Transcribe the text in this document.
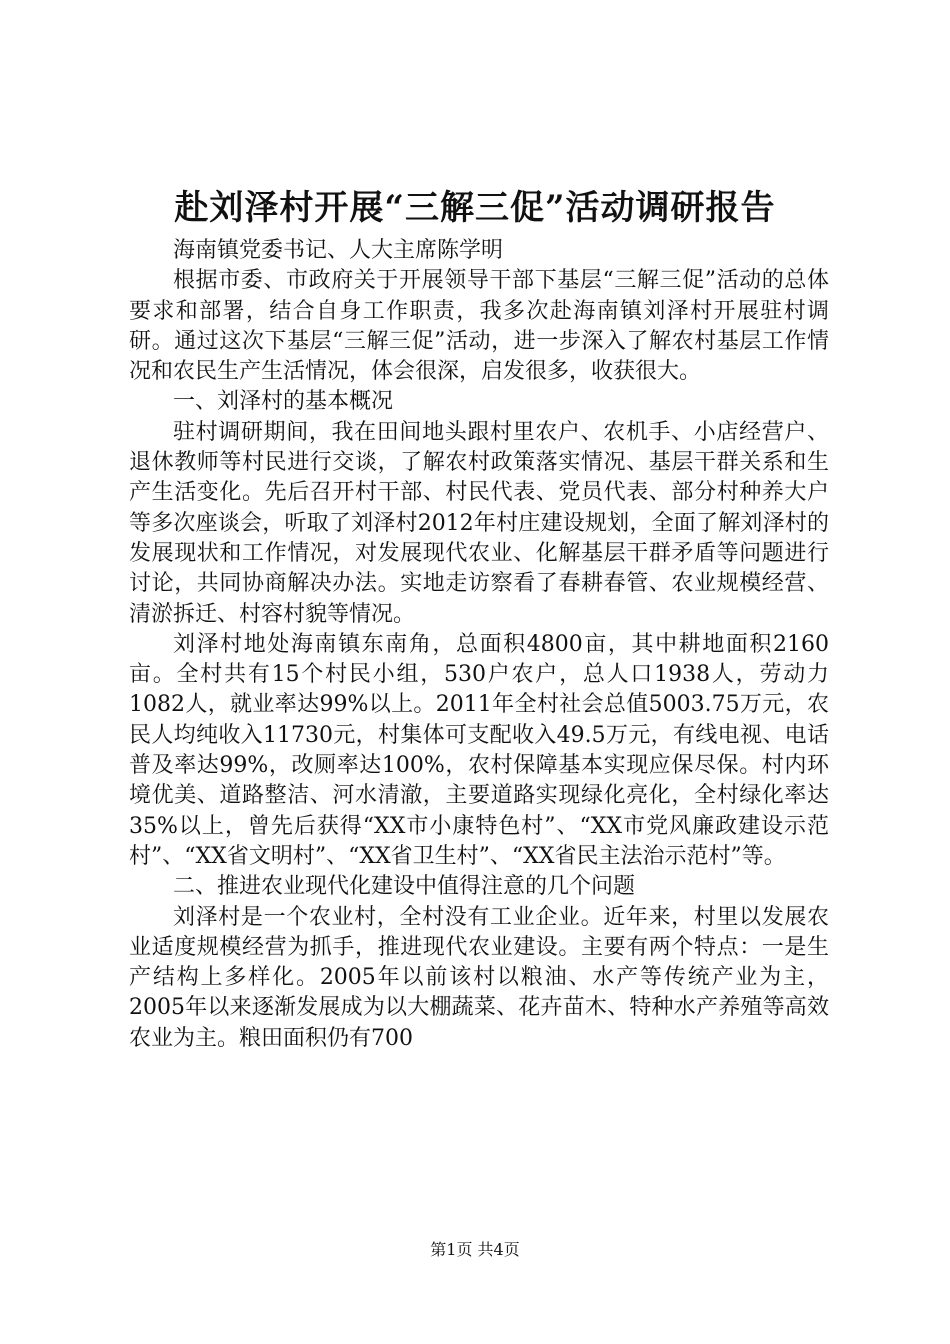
赴刘泽村开展“三解三促”活动调研报告

海南镇党委书记、人大主席陈学明

根据市委、市政府关于开展领导干部下基层“三解三促”活动的总体要求和部署，结合自身工作职责，我多次赴海南镇刘泽村开展驻村调研。通过这次下基层“三解三促”活动，进一步深入了解农村基层工作情况和农民生产生活情况，体会很深，启发很多，收获很大。

一、刘泽村的基本概况

驻村调研期间，我在田间地头跟村里农户、农机手、小店经营户、退休教师等村民进行交谈，了解农村政策落实情况、基层干群关系和生产生活变化。先后召开村干部、村民代表、党员代表、部分村种养大户等多次座谈会，听取了刘泽村2012年村庄建设规划，全面了解刘泽村的发展现状和工作情况，对发展现代农业、化解基层干群矛盾等问题进行讨论，共同协商解决办法。实地走访察看了春耕春管、农业规模经营、清淤拆迁、村容村貌等情况。

刘泽村地处海南镇东南角，总面积4800亩，其中耕地面积2160亩。全村共有15个村民小组，530户农户，总人口1938人，劳动力1082人，就业率达99%以上。2011年全村社会总值5003.75万元，农民人均纯收入11730元，村集体可支配收入49.5万元，有线电视、电话普及率达99%，改厕率达100%，农村保障基本实现应保尽保。村内环境优美、道路整洁、河水清澈，主要道路实现绿化亮化，全村绿化率达35%以上，曾先后获得“XX市小康特色村”、“XX市党风廉政建设示范村”、“XX省文明村”、“XX省卫生村”、“XX省民主法治示范村”等。

二、推进农业现代化建设中值得注意的几个问题

刘泽村是一个农业村，全村没有工业企业。近年来，村里以发展农业适度规模经营为抓手，推进现代农业建设。主要有两个特点：一是生产结构上多样化。2005年以前该村以粮油、水产等传统产业为主，2005年以来逐渐发展成为以大棚蔬菜、花卉苗木、特种水产养殖等高效农业为主。粮田面积仍有700

第1页 共4页
